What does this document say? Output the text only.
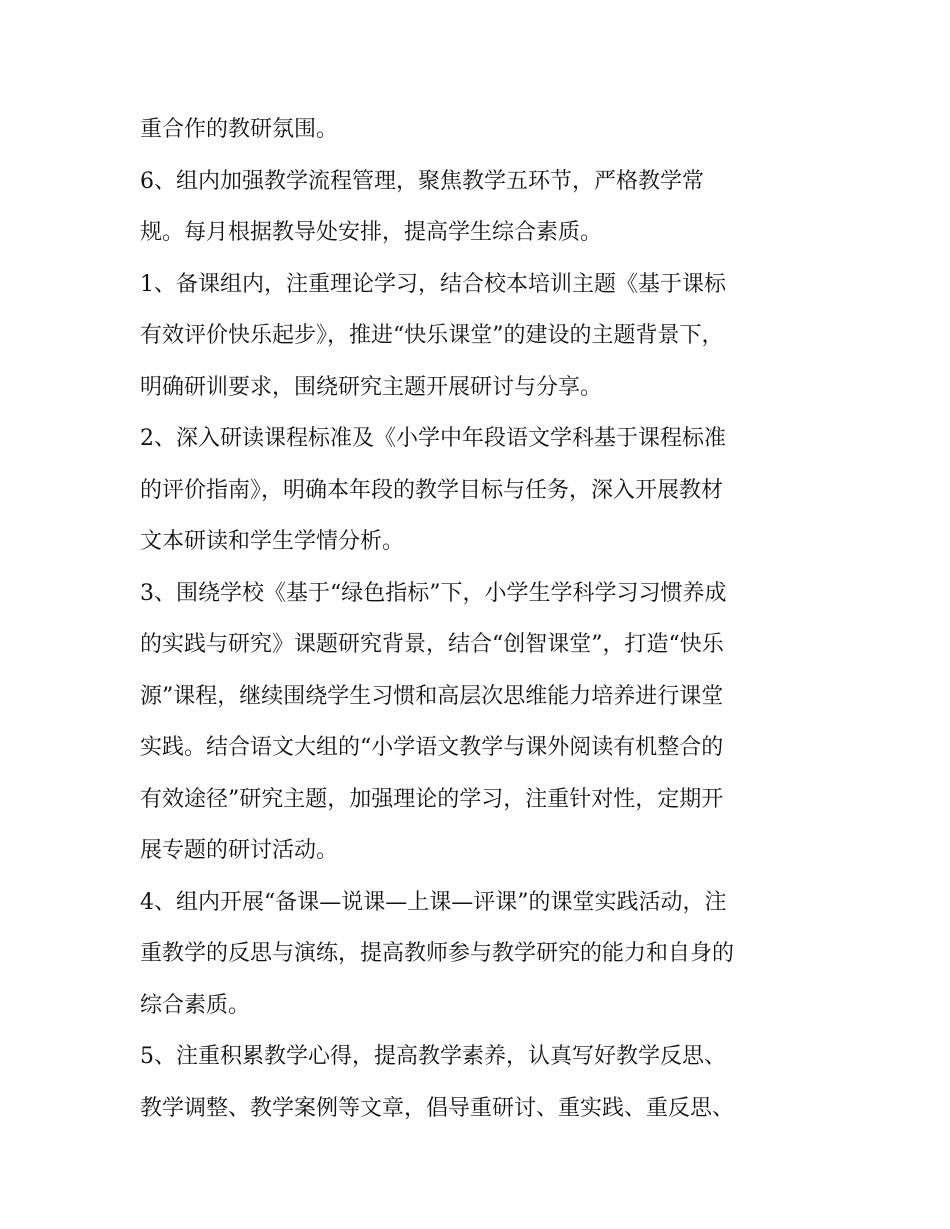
重合作的教研氛围。
6、组内加强教学流程管理，聚焦教学五环节，严格教学常
规。每月根据教导处安排，提高学生综合素质。
1、备课组内，注重理论学习，结合校本培训主题《基于课标
有效评价快乐起步》，推进“快乐课堂”的建设的主题背景下，
明确研训要求，围绕研究主题开展研讨与分享。
2、深入研读课程标准及《小学中年段语文学科基于课程标准
的评价指南》，明确本年段的教学目标与任务，深入开展教材
文本研读和学生学情分析。
3、围绕学校《基于“绿色指标”下，小学生学科学习习惯养成
的实践与研究》课题研究背景，结合“创智课堂”，打造“快乐
源”课程，继续围绕学生习惯和高层次思维能力培养进行课堂
实践。结合语文大组的“小学语文教学与课外阅读有机整合的
有效途径”研究主题，加强理论的学习，注重针对性，定期开
展专题的研讨活动。
4、组内开展“备课—说课—上课—评课”的课堂实践活动，注
重教学的反思与演练，提高教师参与教学研究的能力和自身的
综合素质。
5、注重积累教学心得，提高教学素养，认真写好教学反思、
教学调整、教学案例等文章，倡导重研讨、重实践、重反思、
